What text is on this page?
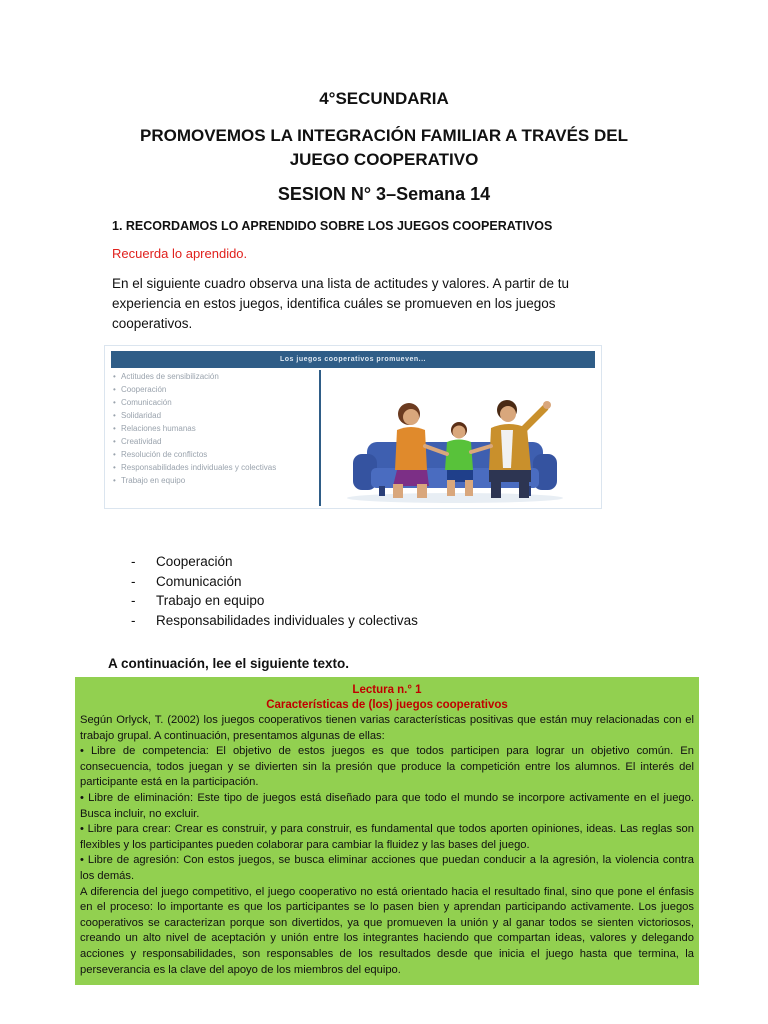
4°SECUNDARIA
PROMOVEMOS LA INTEGRACIÓN FAMILIAR A TRAVÉS DEL JUEGO COOPERATIVO
SESION N° 3–Semana 14
1. RECORDAMOS LO APRENDIDO SOBRE LOS JUEGOS COOPERATIVOS
Recuerda lo aprendido.
En el siguiente cuadro observa una lista de actitudes y valores. A partir de tu experiencia en estos juegos, identifica cuáles se promueven en los juegos cooperativos.
Los juegos cooperativos promueven...
• Actitudes de sensibilización
• Cooperación
• Comunicación
• Solidaridad
• Relaciones humanas
• Creatividad
• Resolución de conflictos
• Responsabilidades individuales y colectivas
• Trabajo en equipo
- Cooperación
- Comunicación
- Trabajo en equipo
- Responsabilidades individuales y colectivas
A continuación, lee el siguiente texto.
Lectura n.° 1
Características de (los) juegos cooperativos

Según Orlyck, T. (2002) los juegos cooperativos tienen varias características positivas que están muy relacionadas con el trabajo grupal. A continuación, presentamos algunas de ellas:

• Libre de competencia: El objetivo de estos juegos es que todos participen para lograr un objetivo común. En consecuencia, todos juegan y se divierten sin la presión que produce la competición entre los alumnos. El interés del participante está en la participación.

• Libre de eliminación: Este tipo de juegos está diseñado para que todo el mundo se incorpore activamente en el juego. Busca incluir, no excluir.

• Libre para crear: Crear es construir, y para construir, es fundamental que todos aporten opiniones, ideas. Las reglas son flexibles y los participantes pueden colaborar para cambiar la fluidez y las bases del juego.

• Libre de agresión: Con estos juegos, se busca eliminar acciones que puedan conducir a la agresión, la violencia contra los demás.

A diferencia del juego competitivo, el juego cooperativo no está orientado hacia el resultado final, sino que pone el énfasis en el proceso: lo importante es que los participantes se lo pasen bien y aprendan participando activamente. Los juegos cooperativos se caracterizan porque son divertidos, ya que promueven la unión y al ganar todos se sienten victoriosos, creando un alto nivel de aceptación y unión entre los integrantes haciendo que compartan ideas, valores y delegando acciones y responsabilidades, son responsables de los resultados desde que inicia el juego hasta que termina, la perseverancia es la clave del apoyo de los miembros del equipo.
